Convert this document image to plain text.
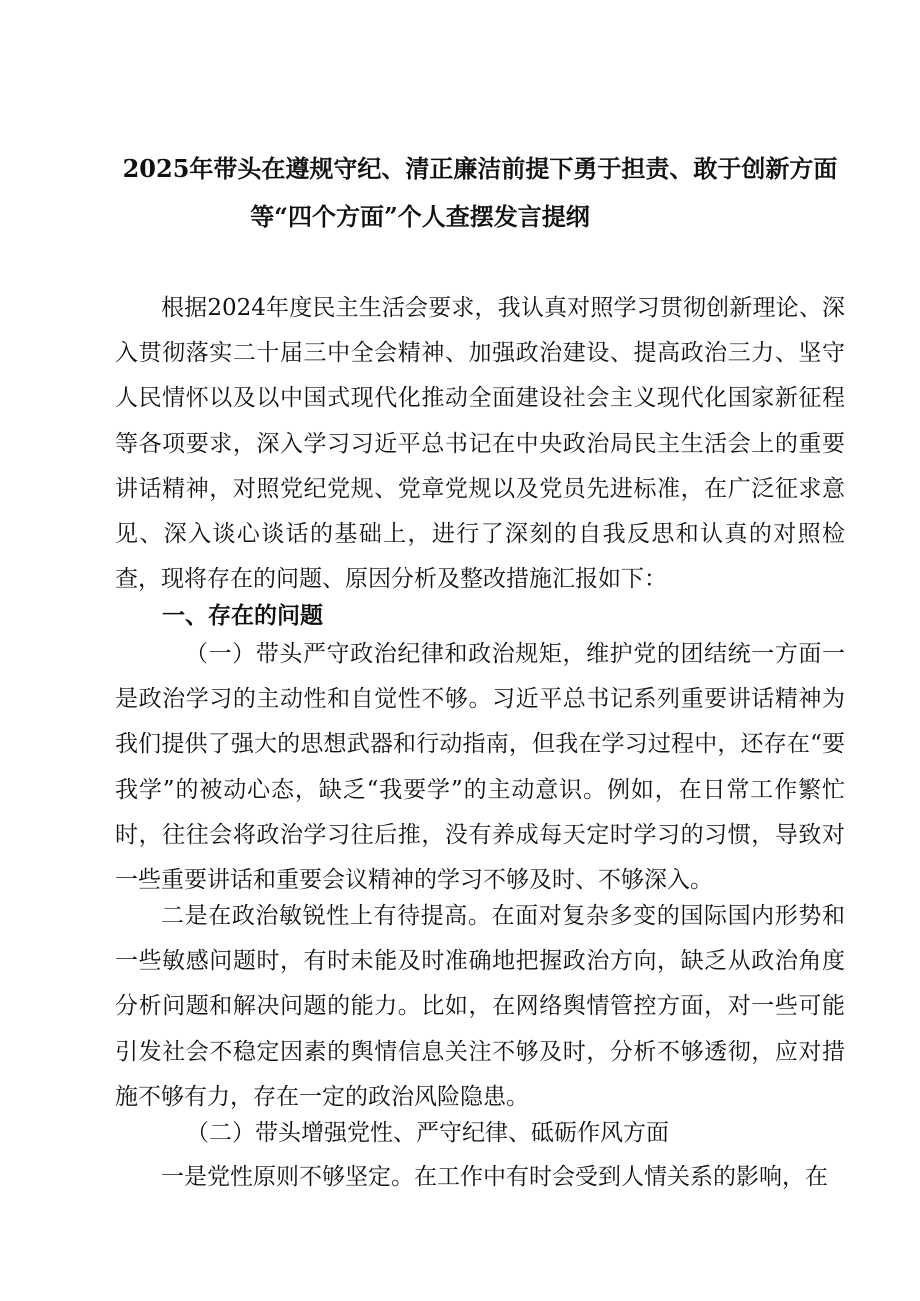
2025年带头在遵规守纪、清正廉洁前提下勇于担责、敢于创新方面
等“四个方面”个人查摆发言提纲

根据2024年度民主生活会要求，我认真对照学习贯彻创新理论、深入贯彻落实二十届三中全会精神、加强政治建设、提高政治三力、坚守人民情怀以及以中国式现代化推动全面建设社会主义现代化国家新征程等各项要求，深入学习习近平总书记在中央政治局民主生活会上的重要讲话精神，对照党纪党规、党章党规以及党员先进标准，在广泛征求意见、深入谈心谈话的基础上，进行了深刻的自我反思和认真的对照检查，现将存在的问题、原因分析及整改措施汇报如下：

一、存在的问题

（一）带头严守政治纪律和政治规矩，维护党的团结统一方面一是政治学习的主动性和自觉性不够。习近平总书记系列重要讲话精神为我们提供了强大的思想武器和行动指南，但我在学习过程中，还存在“要我学”的被动心态，缺乏“我要学”的主动意识。例如，在日常工作繁忙时，往往会将政治学习往后推，没有养成每天定时学习的习惯，导致对一些重要讲话和重要会议精神的学习不够及时、不够深入。

二是在政治敏锐性上有待提高。在面对复杂多变的国际国内形势和一些敏感问题时，有时未能及时准确地把握政治方向，缺乏从政治角度分析问题和解决问题的能力。比如，在网络舆情管控方面，对一些可能引发社会不稳定因素的舆情信息关注不够及时，分析不够透彻，应对措施不够有力，存在一定的政治风险隐患。

（二）带头增强党性、严守纪律、砥砺作风方面

一是党性原则不够坚定。在工作中有时会受到人情关系的影响，在
